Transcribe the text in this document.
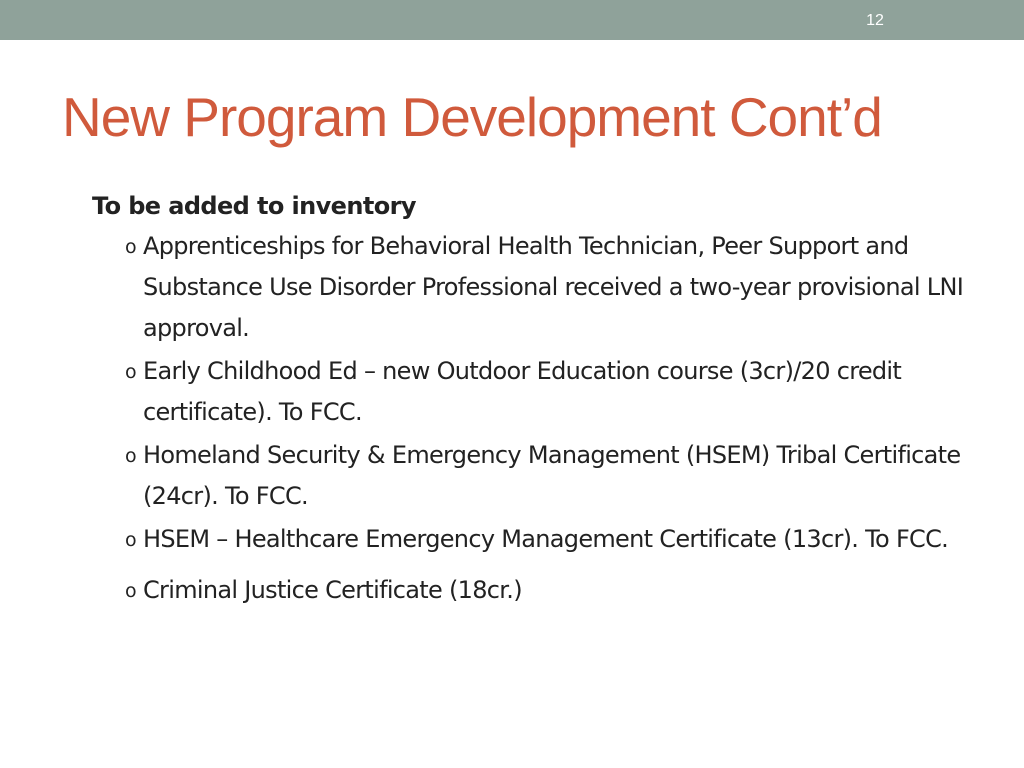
12
New Program Development Cont’d

To be added to inventory

o Apprenticeships for Behavioral Health Technician, Peer Support and Substance Use Disorder Professional received a two-year provisional LNI approval.
o Early Childhood Ed – new Outdoor Education course (3cr)/20 credit certificate). To FCC.
o Homeland Security & Emergency Management (HSEM) Tribal Certificate (24cr). To FCC.
o HSEM – Healthcare Emergency Management Certificate (13cr). To FCC.
o Criminal Justice Certificate (18cr.)
